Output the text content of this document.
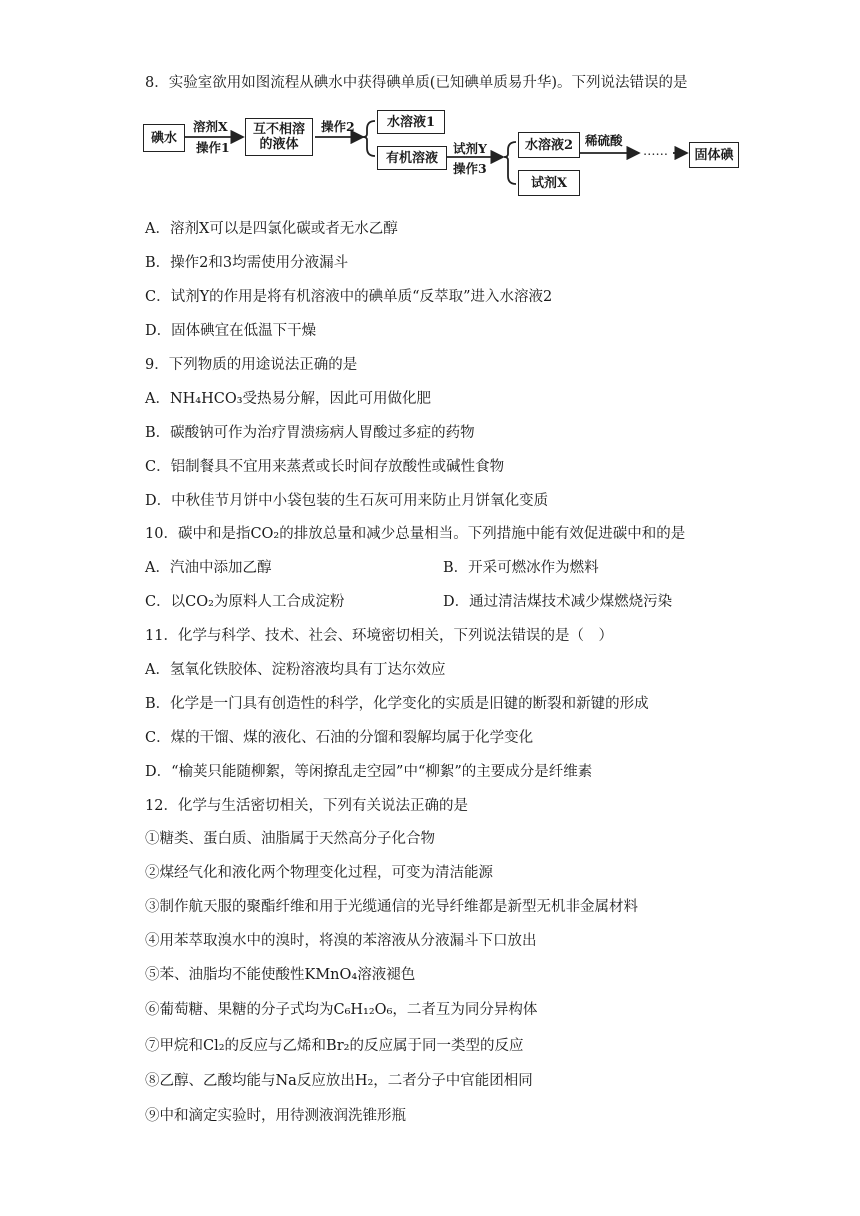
8．实验室欲用如图流程从碘水中获得碘单质(已知碘单质易升华)。下列说法错误的是
碘水
溶剂X
操作1
互不相溶的液体
操作2	水溶液1
有机溶液
试剂Y
操作3
水溶液2
试剂X
稀硫酸
……	固体碘
A．溶剂X可以是四氯化碳或者无水乙醇
B．操作2和3均需使用分液漏斗
C．试剂Y的作用是将有机溶液中的碘单质“反萃取”进入水溶液2
D．固体碘宜在低温下干燥
9．下列物质的用途说法正确的是
A．NH₄HCO₃受热易分解，因此可用做化肥
B．碳酸钠可作为治疗胃溃疡病人胃酸过多症的药物
C．铝制餐具不宜用来蒸煮或长时间存放酸性或碱性食物
D．中秋佳节月饼中小袋包装的生石灰可用来防止月饼氧化变质
10．碳中和是指CO₂的排放总量和减少总量相当。下列措施中能有效促进碳中和的是
A．汽油中添加乙醇	B．开采可燃冰作为燃料
C．以CO₂为原料人工合成淀粉	D．通过清洁煤技术减少煤燃烧污染
11．化学与科学、技术、社会、环境密切相关，下列说法错误的是（　）
A．氢氧化铁胶体、淀粉溶液均具有丁达尔效应
B．化学是一门具有创造性的科学，化学变化的实质是旧键的断裂和新键的形成
C．煤的干馏、煤的液化、石油的分馏和裂解均属于化学变化
D．“榆荚只能随柳絮，等闲撩乱走空园”中“柳絮”的主要成分是纤维素
12．化学与生活密切相关，下列有关说法正确的是
①糖类、蛋白质、油脂属于天然高分子化合物
②煤经气化和液化两个物理变化过程，可变为清洁能源
③制作航天服的聚酯纤维和用于光缆通信的光导纤维都是新型无机非金属材料
④用苯萃取溴水中的溴时，将溴的苯溶液从分液漏斗下口放出
⑤苯、油脂均不能使酸性KMnO₄溶液褪色
⑥葡萄糖、果糖的分子式均为C₆H₁₂O₆，二者互为同分异构体
⑦甲烷和Cl₂的反应与乙烯和Br₂的反应属于同一类型的反应
⑧乙醇、乙酸均能与Na反应放出H₂，二者分子中官能团相同
⑨中和滴定实验时，用待测液润洗锥形瓶
